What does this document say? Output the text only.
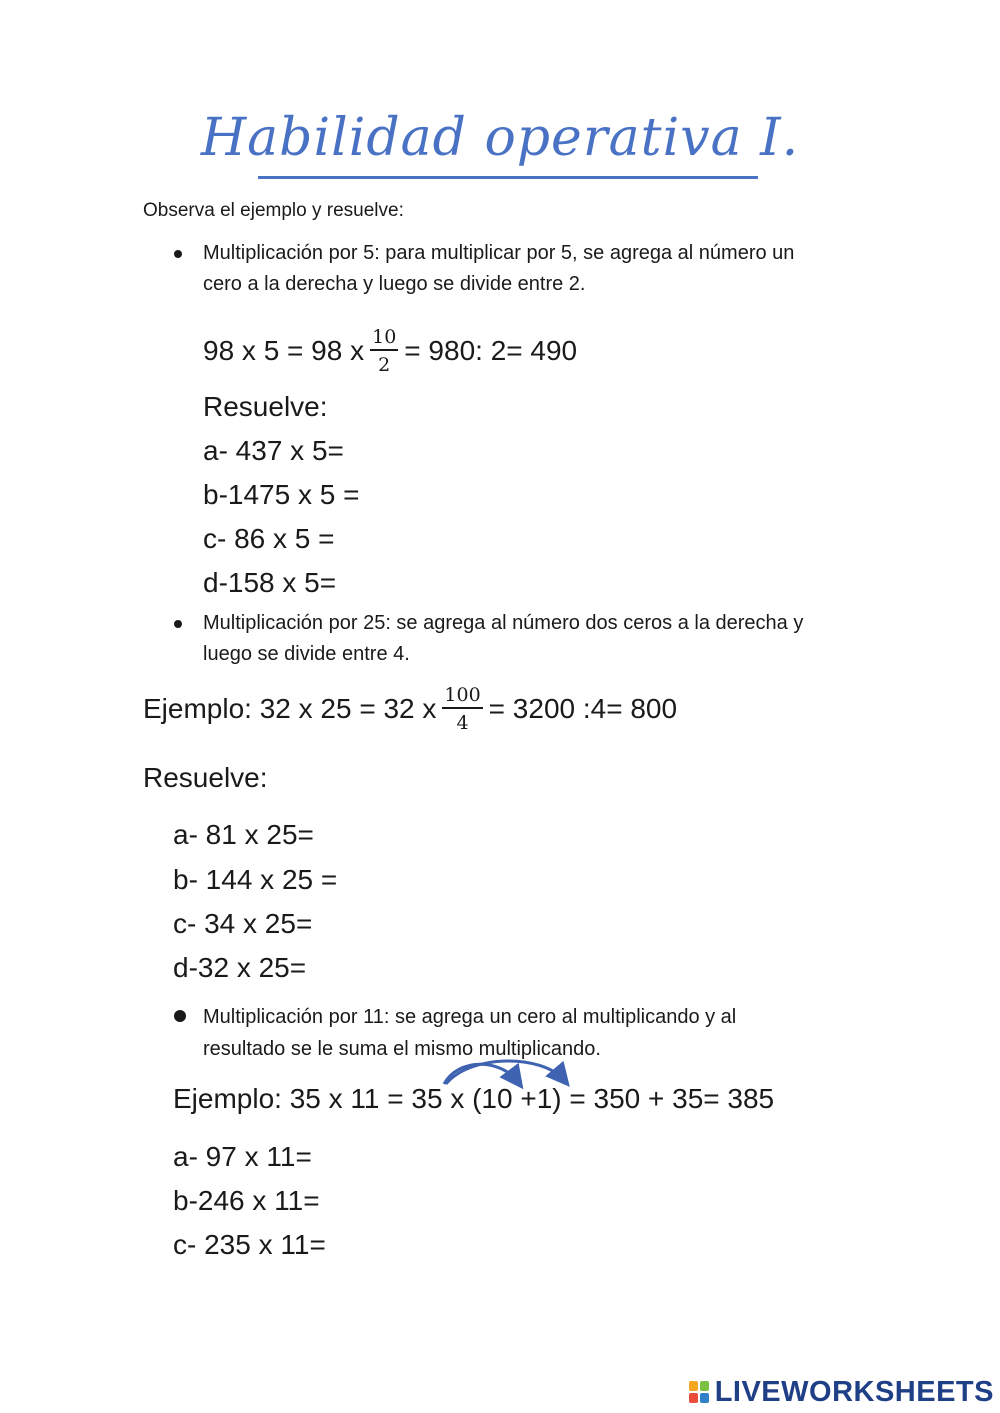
Habilidad operativa I.
Observa el ejemplo y resuelve:
Multiplicación por 5: para multiplicar por 5, se agrega al número un
cero a la derecha y luego se divide entre 2.
98 x 5 = 98 x $\frac{10}{2} = 980$: 2= 490
Resuelve:
a- 437 x 5=
b-1475 x 5 =
c- 86 x 5 =
d-158 x 5=
Multiplicación por 25: se agrega al número dos ceros a la derecha y
luego se divide entre 4.
Ejemplo: 32 x 25 = 32 x $\frac{100}{4} = 3200$ :4= 800
Resuelve:
a- 81 x 25=
b- 144 x 25 =
c- 34 x 25=
d-32 x 25=
Multiplicación por 11: se agrega un cero al multiplicando y al
resultado se le suma el mismo multiplicando.
Ejemplo: 35 x 11 = 35 x (10 +1) = 350 + 35= 385
a- 97 x 11=
b-246 x 11=
c- 235 x 11=
LIVEWORKSHEETS
